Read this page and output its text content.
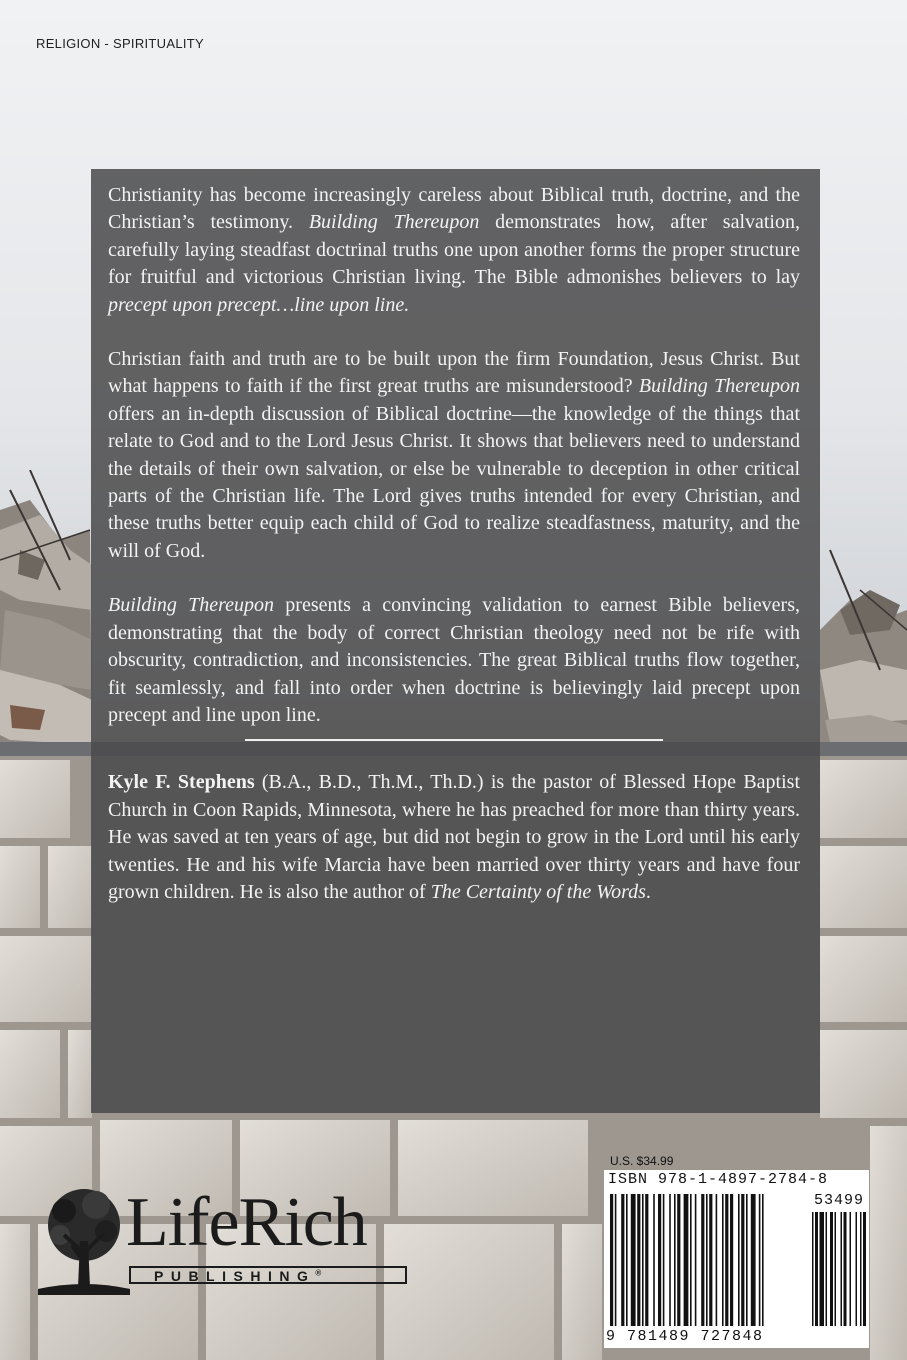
RELIGION - SPIRITUALITY

Christianity has become increasingly careless about Biblical truth, doctrine, and the Christian’s testimony. Building Thereupon demonstrates how, after salvation, carefully laying steadfast doctrinal truths one upon another forms the proper structure for fruitful and victorious Christian living. The Bible admonishes believers to lay precept upon precept…line upon line.

Christian faith and truth are to be built upon the firm Foundation, Jesus Christ. But what happens to faith if the first great truths are misunderstood? Building Thereupon offers an in-depth discussion of Biblical doctrine—the knowledge of the things that relate to God and to the Lord Jesus Christ. It shows that believers need to understand the details of their own salvation, or else be vulnerable to deception in other critical parts of the Christian life. The Lord gives truths intended for every Christian, and these truths better equip each child of God to realize steadfastness, maturity, and the will of God.

Building Thereupon presents a convincing validation to earnest Bible believers, demonstrating that the body of correct Christian theology need not be rife with obscurity, contradiction, and inconsistencies. The great Biblical truths flow together, fit seamlessly, and fall into order when doctrine is believingly laid precept upon precept and line upon line.

Kyle F. Stephens (B.A., B.D., Th.M., Th.D.) is the pastor of Blessed Hope Baptist Church in Coon Rapids, Minnesota, where he has preached for more than thirty years. He was saved at ten years of age, but did not begin to grow in the Lord until his early twenties. He and his wife Marcia have been married over thirty years and have four grown children. He is also the author of The Certainty of the Words.

LifeRich
PUBLISHING®
U.S. $34.99
ISBN 978-1-4897-2784-8
53499
9 781489 727848
